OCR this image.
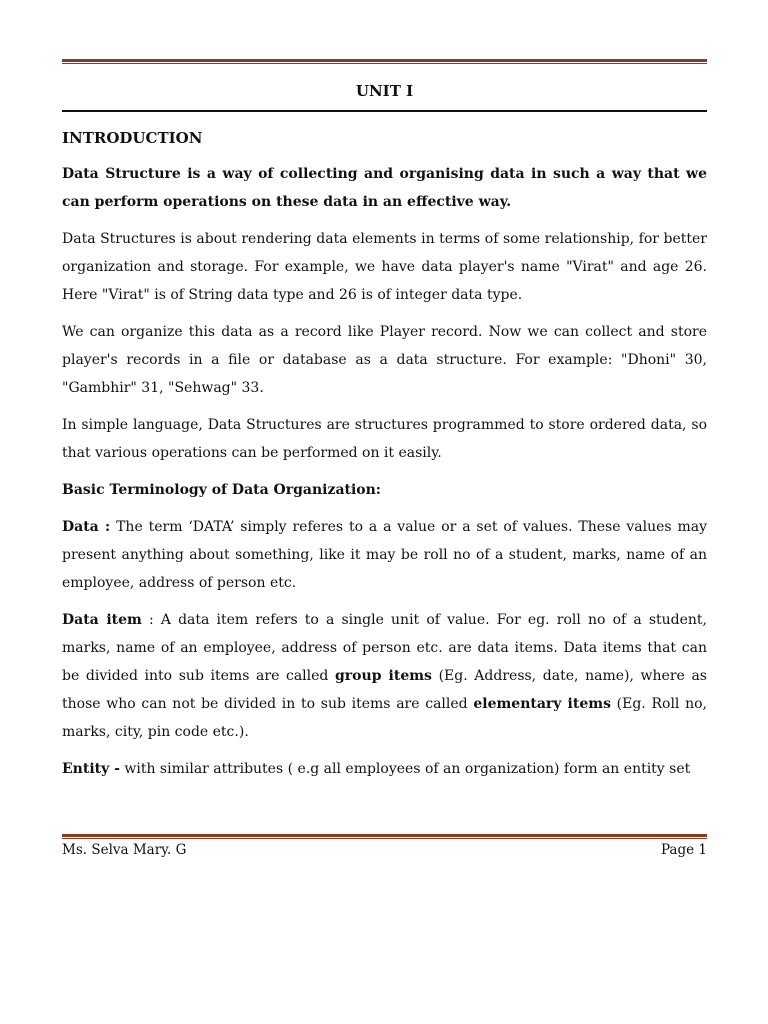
UNIT I
INTRODUCTION

Data Structure is a way of collecting and organising data in such a way that we can perform operations on these data in an effective way.

Data Structures is about rendering data elements in terms of some relationship, for better organization and storage. For example, we have data player's name "Virat" and age 26. Here "Virat" is of String data type and 26 is of integer data type.

We can organize this data as a record like Player record. Now we can collect and store player's records in a file or database as a data structure. For example: "Dhoni" 30, "Gambhir" 31, "Sehwag" 33.

In simple language, Data Structures are structures programmed to store ordered data, so that various operations can be performed on it easily.

Basic Terminology of Data Organization:

Data : The term ‘DATA’ simply referes to a a value or a set of values. These values may present anything about something, like it may be roll no of a student, marks, name of an employee, address of person etc.

Data item : A data item refers to a single unit of value. For eg. roll no of a student, marks, name of an employee, address of person etc. are data items. Data items that can be divided into sub items are called group items (Eg. Address, date, name), where as those who can not be divided in to sub items are called elementary items (Eg. Roll no, marks, city, pin code etc.).

Entity - with similar attributes ( e.g all employees of an organization) form an entity set

Ms. Selva Mary. G	Page 1
